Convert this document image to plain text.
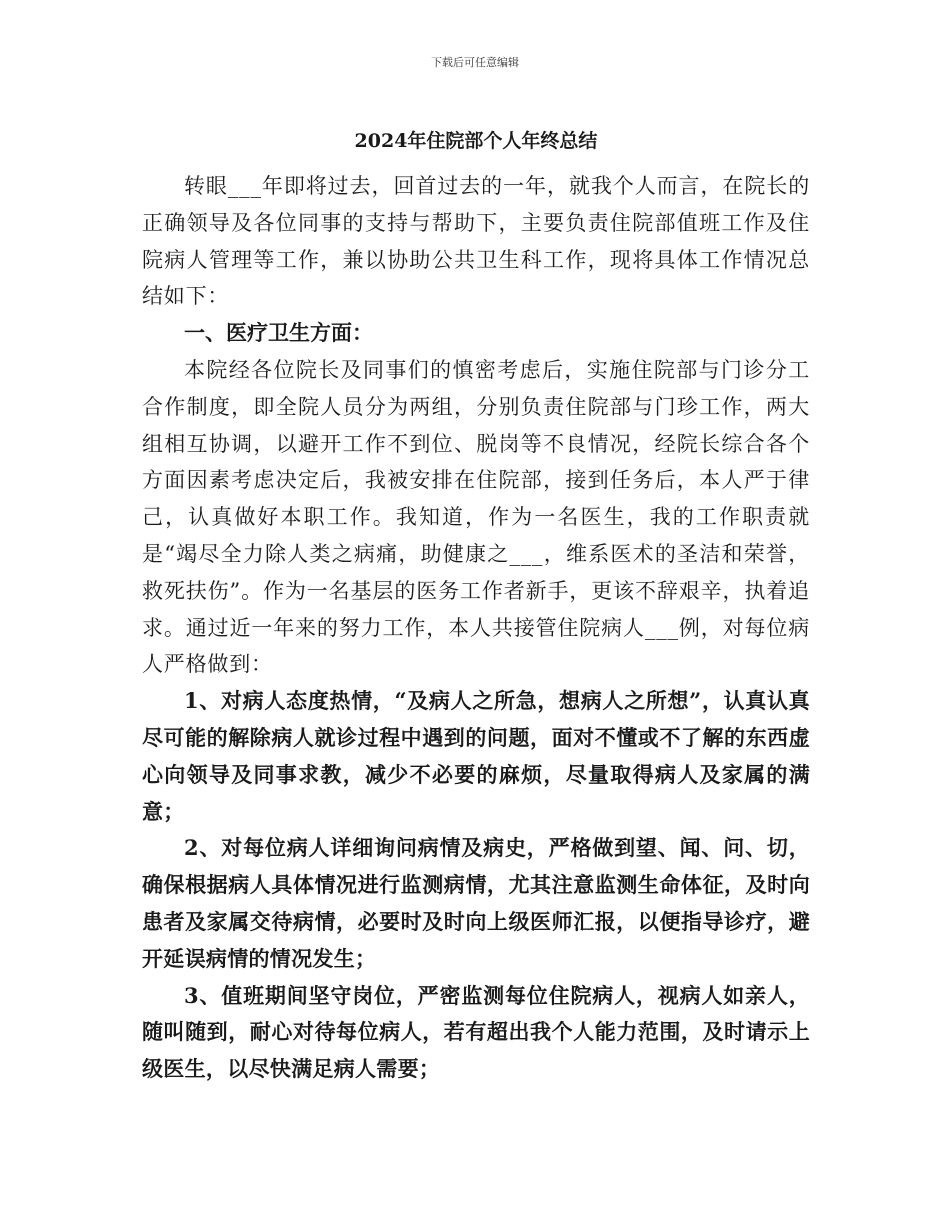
下载后可任意编辑
2024年住院部个人年终总结

转眼___年即将过去，回首过去的一年，就我个人而言，在院长的正确领导及各位同事的支持与帮助下，主要负责住院部值班工作及住院病人管理等工作，兼以协助公共卫生科工作，现将具体工作情况总结如下：

一、医疗卫生方面：

本院经各位院长及同事们的慎密考虑后，实施住院部与门诊分工合作制度，即全院人员分为两组，分别负责住院部与门珍工作，两大组相互协调，以避开工作不到位、脱岗等不良情况，经院长综合各个方面因素考虑决定后，我被安排在住院部，接到任务后，本人严于律己，认真做好本职工作。我知道，作为一名医生，我的工作职责就是“竭尽全力除人类之病痛，助健康之___，维系医术的圣洁和荣誉，救死扶伤”。作为一名基层的医务工作者新手，更该不辞艰辛，执着追求。通过近一年来的努力工作，本人共接管住院病人___例，对每位病人严格做到：

1、对病人态度热情，“及病人之所急，想病人之所想”，认真认真尽可能的解除病人就诊过程中遇到的问题，面对不懂或不了解的东西虚心向领导及同事求教，减少不必要的麻烦，尽量取得病人及家属的满意；

2、对每位病人详细询问病情及病史，严格做到望、闻、问、切，确保根据病人具体情况进行监测病情，尤其注意监测生命体征，及时向患者及家属交待病情，必要时及时向上级医师汇报，以便指导诊疗，避开延误病情的情况发生；

3、值班期间坚守岗位，严密监测每位住院病人，视病人如亲人，随叫随到，耐心对待每位病人，若有超出我个人能力范围，及时请示上级医生，以尽快满足病人需要；
